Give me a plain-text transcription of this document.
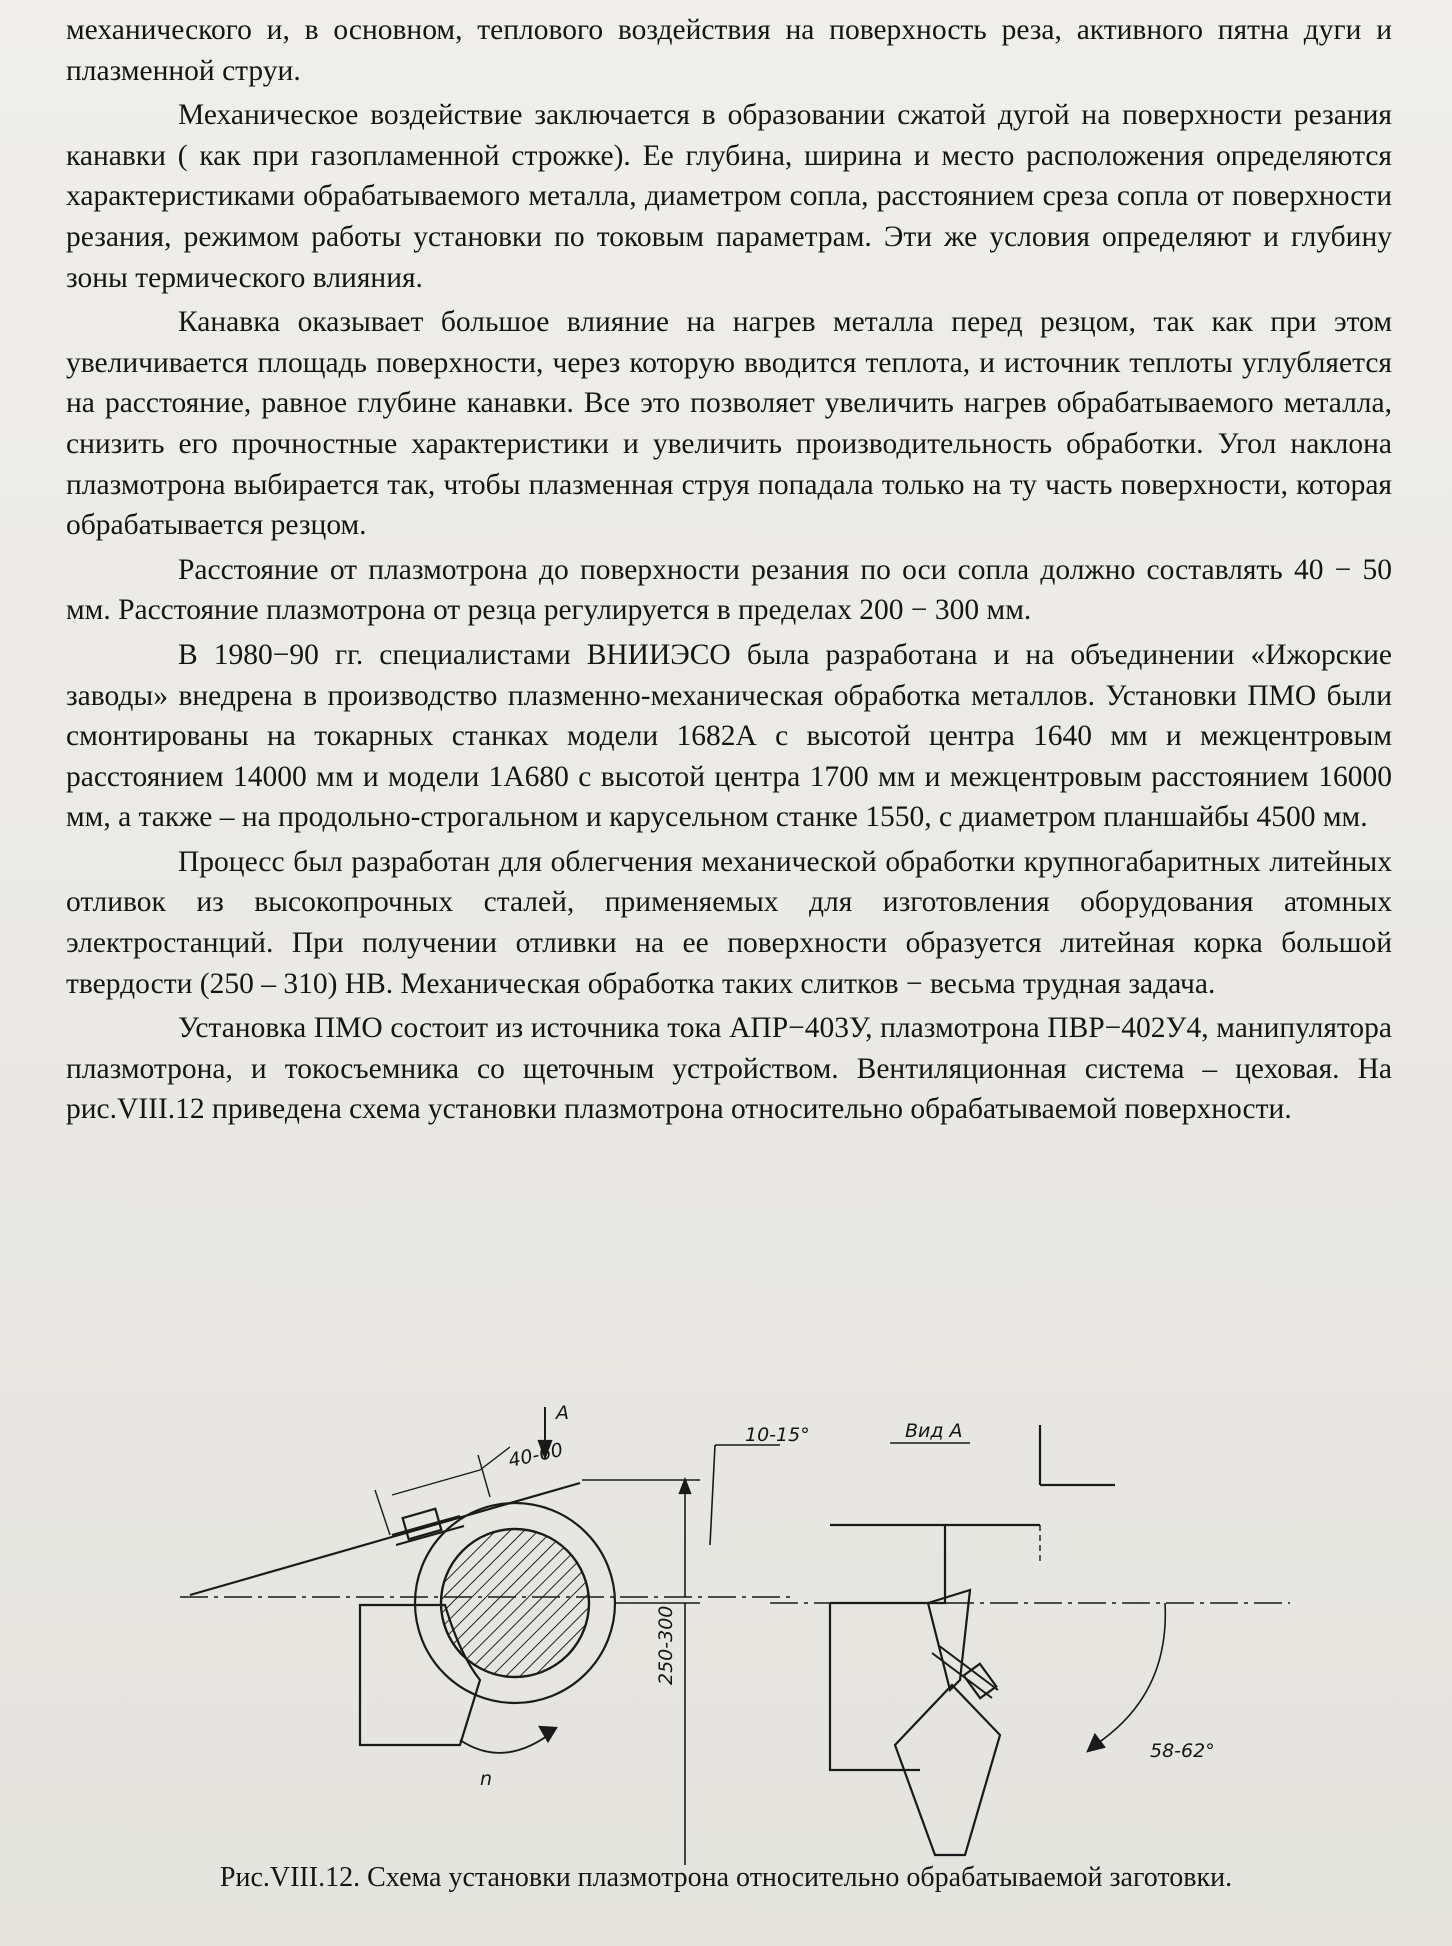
механического и, в основном, теплового воздействия на поверхность реза, активного пятна дуги и плазменной струи.

Механическое воздействие заключается в образовании сжатой дугой на поверхности резания канавки ( как при газопламенной строжке). Ее глубина, ширина и место расположения определяются характеристиками обрабатываемого металла, диаметром сопла, расстоянием среза сопла от поверхности резания, режимом работы установки по токовым параметрам. Эти же условия определяют и глубину зоны термического влияния.

Канавка оказывает большое влияние на нагрев металла перед резцом, так как при этом увеличивается площадь поверхности, через которую вводится теплота, и источник теплоты углубляется на расстояние, равное глубине канавки. Все это позволяет увеличить нагрев обрабатываемого металла, снизить его прочностные характеристики и увеличить производительность обработки. Угол наклона плазмотрона выбирается так, чтобы плазменная струя попадала только на ту часть поверхности, которая обрабатывается резцом.

Расстояние от плазмотрона до поверхности резания по оси сопла должно составлять 40 − 50 мм. Расстояние плазмотрона от резца регулируется в пределах 200 − 300 мм.

В 1980−90 гг. специалистами ВНИИЭСО была разработана и на объединении «Ижорские заводы» внедрена в производство плазменно-механическая обработка металлов. Установки ПМО были смонтированы на токарных станках модели 1682А с высотой центра 1640 мм и межцентровым расстоянием 14000 мм и модели 1А680 с высотой центра 1700 мм и межцентровым расстоянием 16000 мм, а также – на продольно-строгальном и карусельном станке 1550, с диаметром планшайбы 4500 мм.

Процесс был разработан для облегчения механической обработки крупногабаритных литейных отливок из высокопрочных сталей, применяемых для изготовления оборудования атомных электростанций. При получении отливки на ее поверхности образуется литейная корка большой твердости (250 – 310) НВ. Механическая обработка таких слитков − весьма трудная задача.

Установка ПМО состоит из источника тока АПР−403У, плазмотрона ПВР−402У4, манипулятора плазмотрона, и токосъемника со щеточным устройством. Вентиляционная система – цеховая. На рис.VIII.12 приведена схема установки плазмотрона относительно обрабатываемой поверхности.

A
40-60
10-15°
250-300
n
Вид А
58-62°
Рис.VIII.12. Схема установки плазмотрона относительно обрабатываемой заготовки.
